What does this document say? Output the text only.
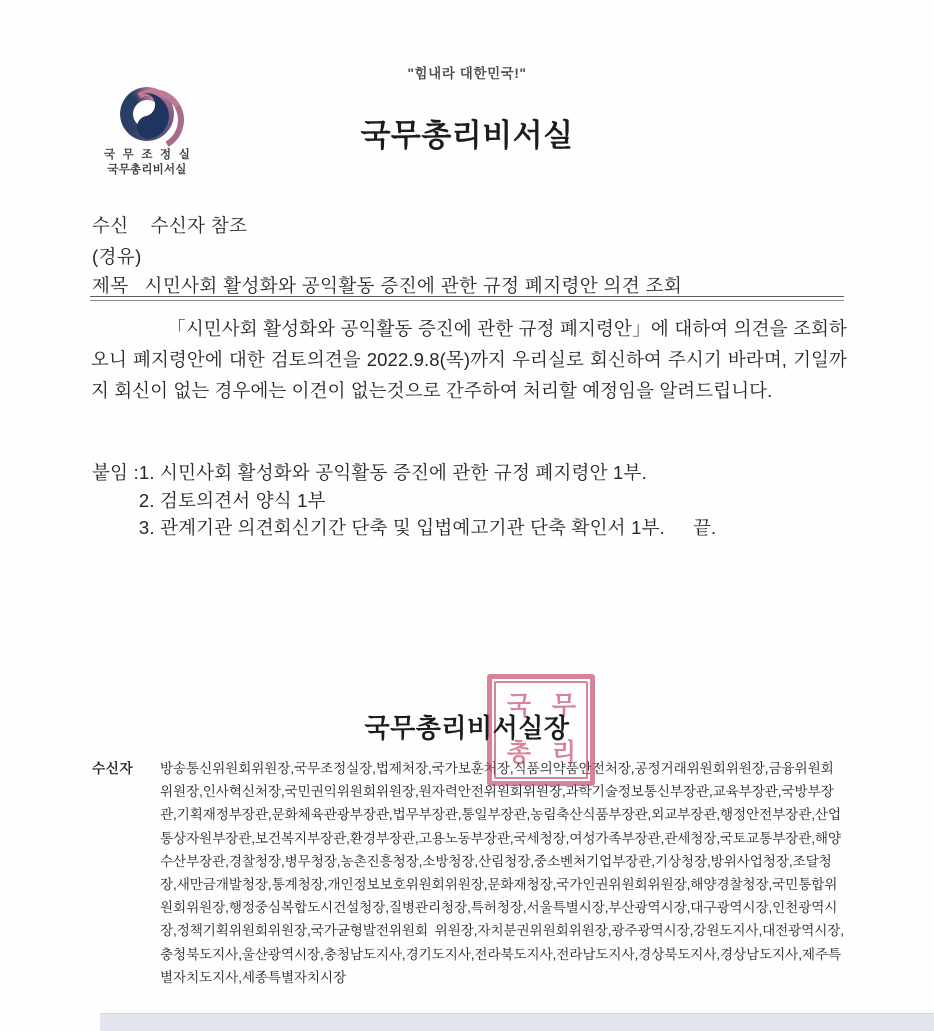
"힘내라 대한민국!"
국무총리비서실
국 무 조 정 실
국무총리비서실
수신 수신자 참조
(경유)
제목 시민사회 활성화와 공익활동 증진에 관한 규정 폐지령안 의견 조회
「시민사회 활성화와 공익활동 증진에 관한 규정 폐지령안」에 대하여 의견을 조회하오니 폐지령안에 대한 검토의견을 2022.9.8(목)까지 우리실로 회신하여 주시기 바라며, 기일까지 회신이 없는 경우에는 이견이 없는것으로 간주하여 처리할 예정임을 알려드립니다.
붙임 : 1. 시민사회 활성화와 공익활동 증진에 관한 규정 폐지령안 1부.
2. 검토의견서 양식 1부
3. 관계기관 의견회신기간 단축 및 입법예고기관 단축 확인서 1부. 끝.
국 무
총 리
국무총리비서실장
수신자	방송통신위원회위원장,국무조정실장,법제처장,국가보훈처장,식품의약품안전처장,공정거래위원회위원장,금융위원회위원장,인사혁신처장,국민권익위원회위원장,원자력안전위원회위원장,과학기술정보통신부장관,교육부장관,국방부장관,기획재정부장관,문화체육관광부장관,법무부장관,통일부장관,농림축산식품부장관,외교부장관,행정안전부장관,산업통상자원부장관,보건복지부장관,환경부장관,고용노동부장관,국세청장,여성가족부장관,관세청장,국토교통부장관,해양수산부장관,경찰청장,병무청장,농촌진흥청장,소방청장,산림청장,중소벤처기업부장관,기상청장,방위사업청장,조달청장,새만금개발청장,통계청장,개인정보보호위원회위원장,문화재청장,국가인권위원회위원장,해양경찰청장,국민통합위원회위원장,행정중심복합도시건설청장,질병관리청장,특허청장,서울특별시장,부산광역시장,대구광역시장,인천광역시장,정책기획위원회위원장,국가균형발전위원회 위원장,자치분권위원회위원장,광주광역시장,강원도지사,대전광역시장,충청북도지사,울산광역시장,충청남도지사,경기도지사,전라북도지사,전라남도지사,경상북도지사,경상남도지사,제주특별자치도지사,세종특별자치시장
